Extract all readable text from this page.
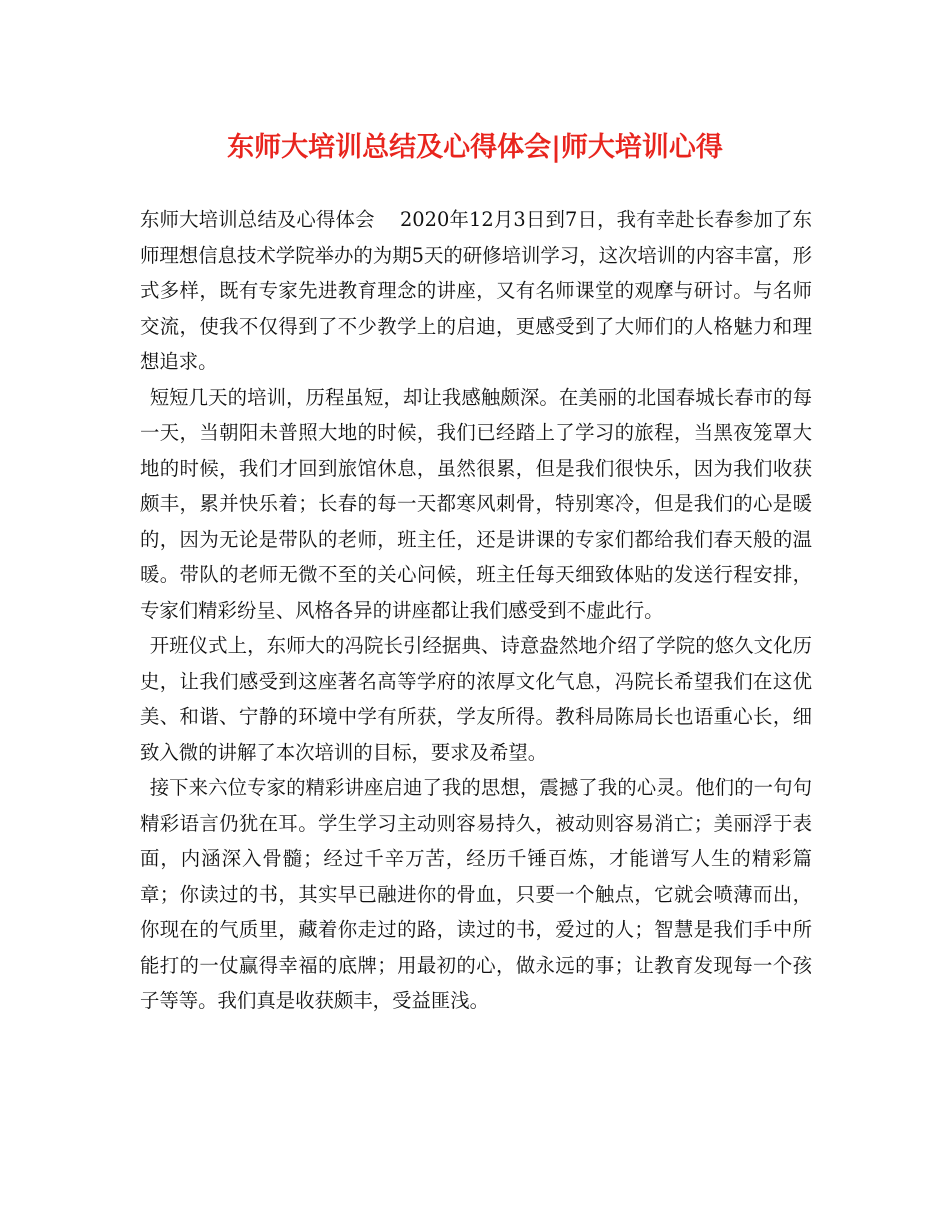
东师大培训总结及心得体会|师大培训心得

东师大培训总结及心得体会    2020年12月3日到7日，我有幸赴长春参加了东师理想信息技术学院举办的为期5天的研修培训学习，这次培训的内容丰富，形式多样，既有专家先进教育理念的讲座，又有名师课堂的观摩与研讨。与名师交流，使我不仅得到了不少教学上的启迪，更感受到了大师们的人格魅力和理想追求。

短短几天的培训，历程虽短，却让我感触颇深。在美丽的北国春城长春市的每一天，当朝阳未普照大地的时候，我们已经踏上了学习的旅程，当黑夜笼罩大地的时候，我们才回到旅馆休息，虽然很累，但是我们很快乐，因为我们收获颇丰，累并快乐着；长春的每一天都寒风刺骨，特别寒冷，但是我们的心是暖的，因为无论是带队的老师，班主任，还是讲课的专家们都给我们春天般的温暖。带队的老师无微不至的关心问候，班主任每天细致体贴的发送行程安排，专家们精彩纷呈、风格各异的讲座都让我们感受到不虚此行。

开班仪式上，东师大的冯院长引经据典、诗意盎然地介绍了学院的悠久文化历史，让我们感受到这座著名高等学府的浓厚文化气息，冯院长希望我们在这优美、和谐、宁静的环境中学有所获，学友所得。教科局陈局长也语重心长，细致入微的讲解了本次培训的目标，要求及希望。

接下来六位专家的精彩讲座启迪了我的思想，震撼了我的心灵。他们的一句句精彩语言仍犹在耳。学生学习主动则容易持久，被动则容易消亡；美丽浮于表面，内涵深入骨髓；经过千辛万苦，经历千锤百炼，才能谱写人生的精彩篇章；你读过的书，其实早已融进你的骨血，只要一个触点，它就会喷薄而出，你现在的气质里，藏着你走过的路，读过的书，爱过的人；智慧是我们手中所能打的一仗赢得幸福的底牌；用最初的心，做永远的事；让教育发现每一个孩子等等。我们真是收获颇丰，受益匪浅。
